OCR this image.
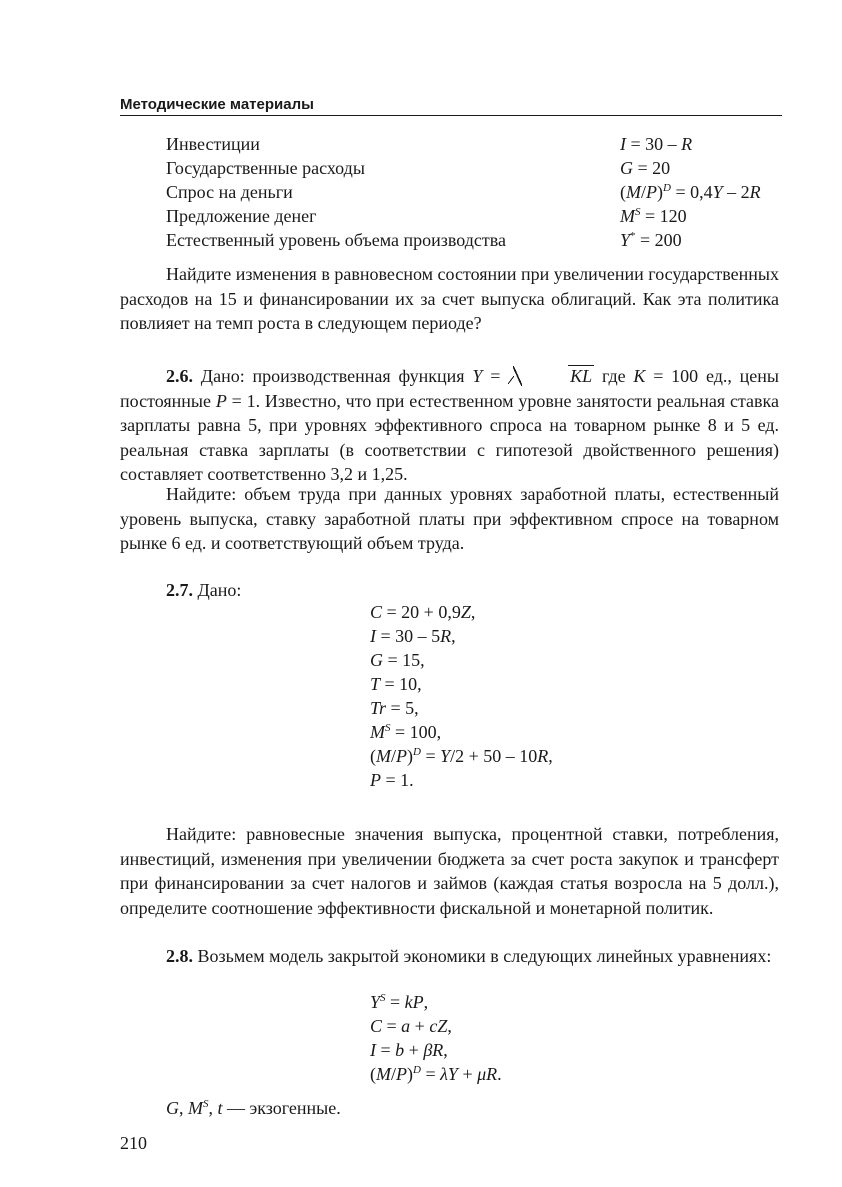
Методические материалы
Инвестиции	I = 30 – R
Государственные расходы	G = 20
Спрос на деньги	$(M/P)^D = 0,4Y - 2R$
Предложение денег	$M^S = 120$
Естественный уровень объема производства	Y* = 200
Найдите изменения в равновесном состоянии при увеличении государственных расходов на 15 и финансировании их за счет выпуска облигаций. Как эта политика повлияет на темп роста в следующем периоде?
2.6. Дано: производственная функция Y =	KL где K = 100 ед., цены постоянные P = 1. Известно, что при естественном уровне занятости реальная ставка зарплаты равна 5, при уровнях эффективного спроса на товарном рынке 8 и 5 ед. реальная ставка зарплаты (в соответствии с гипотезой двойственного решения) составляет соответственно 3,2 и 1,25.
Найдите: объем труда при данных уровнях заработной платы, естественный уровень выпуска, ставку заработной платы при эффективном спросе на товарном рынке 6 ед. и соответствующий объем труда.
2.7. Дано:
C = 20 + 0,9Z,
I = 30 – 5R,
G = 15,
T = 10,
Tr = 5,
$M^S = 100$,
$(M/P)^D = Y/2 + 50 - 10R$,
P = 1.
Найдите: равновесные значения выпуска, процентной ставки, потребления, инвестиций, изменения при увеличении бюджета за счет роста закупок и трансферт при финансировании за счет налогов и займов (каждая статья возросла на 5 долл.), определите соотношение эффективности фискальной и монетарной политик.
2.8. Возьмем модель закрытой экономики в следующих линейных уравнениях:
$Y^S$ = kP,
C = a + cZ,
I = b + βR,
$(M/P)^D = \lambda Y + \mu R$.
G, $M^S$, t — экзогенные.
210
